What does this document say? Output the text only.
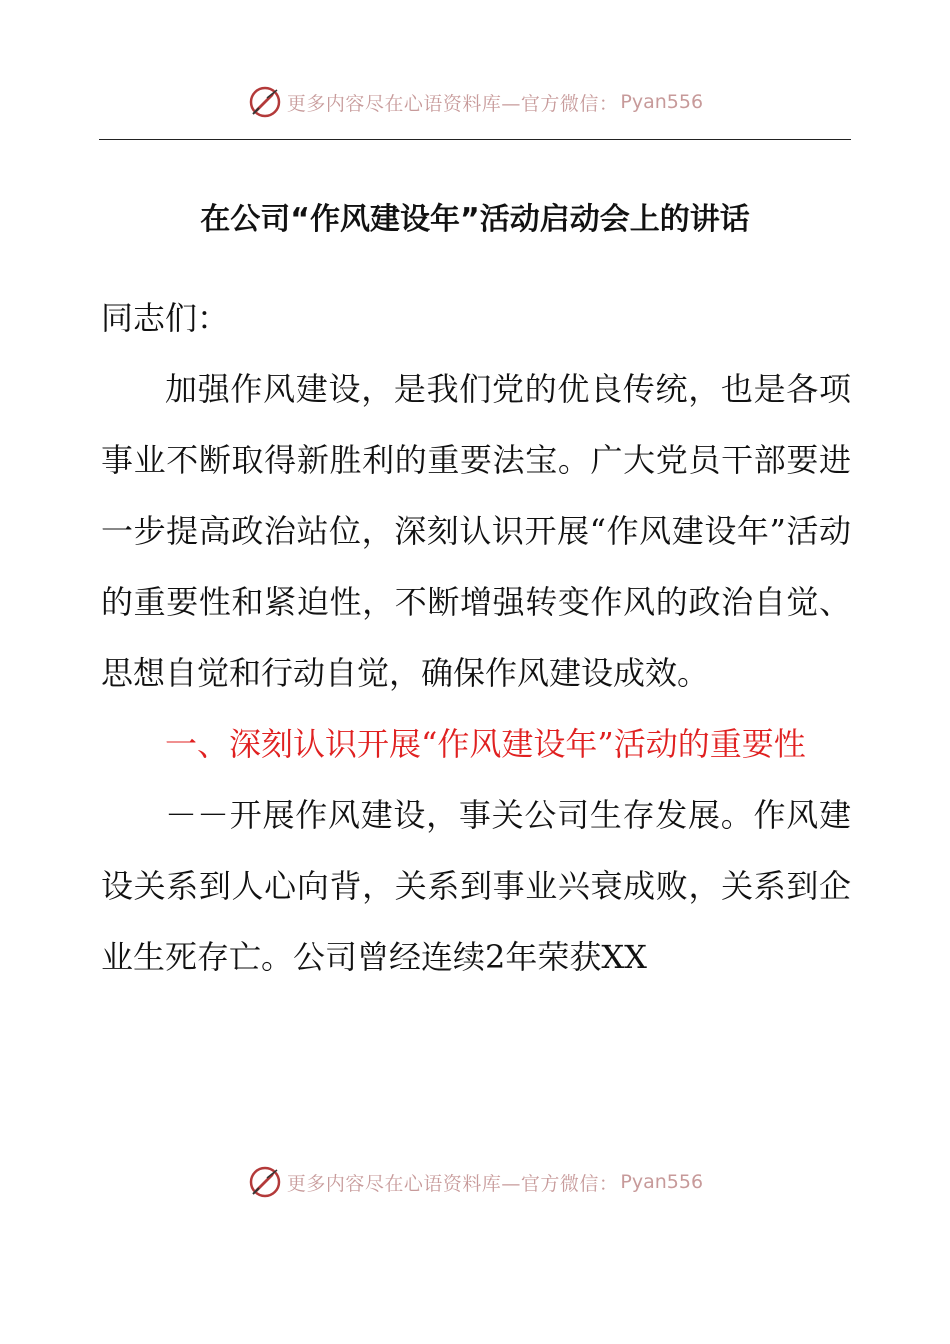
更多内容尽在心语资料库—官方微信： Pyan556
在公司“作风建设年”活动启动会上的讲话

同志们：

加强作风建设，是我们党的优良传统，也是各项事业不断取得新胜利的重要法宝。广大党员干部要进一步提高政治站位，深刻认识开展“作风建设年”活动的重要性和紧迫性，不断增强转变作风的政治自觉、思想自觉和行动自觉，确保作风建设成效。

一、深刻认识开展“作风建设年”活动的重要性

－－开展作风建设，事关公司生存发展。作风建设关系到人心向背，关系到事业兴衰成败，关系到企业生死存亡。公司曾经连续2年荣获XX

更多内容尽在心语资料库—官方微信： Pyan556
